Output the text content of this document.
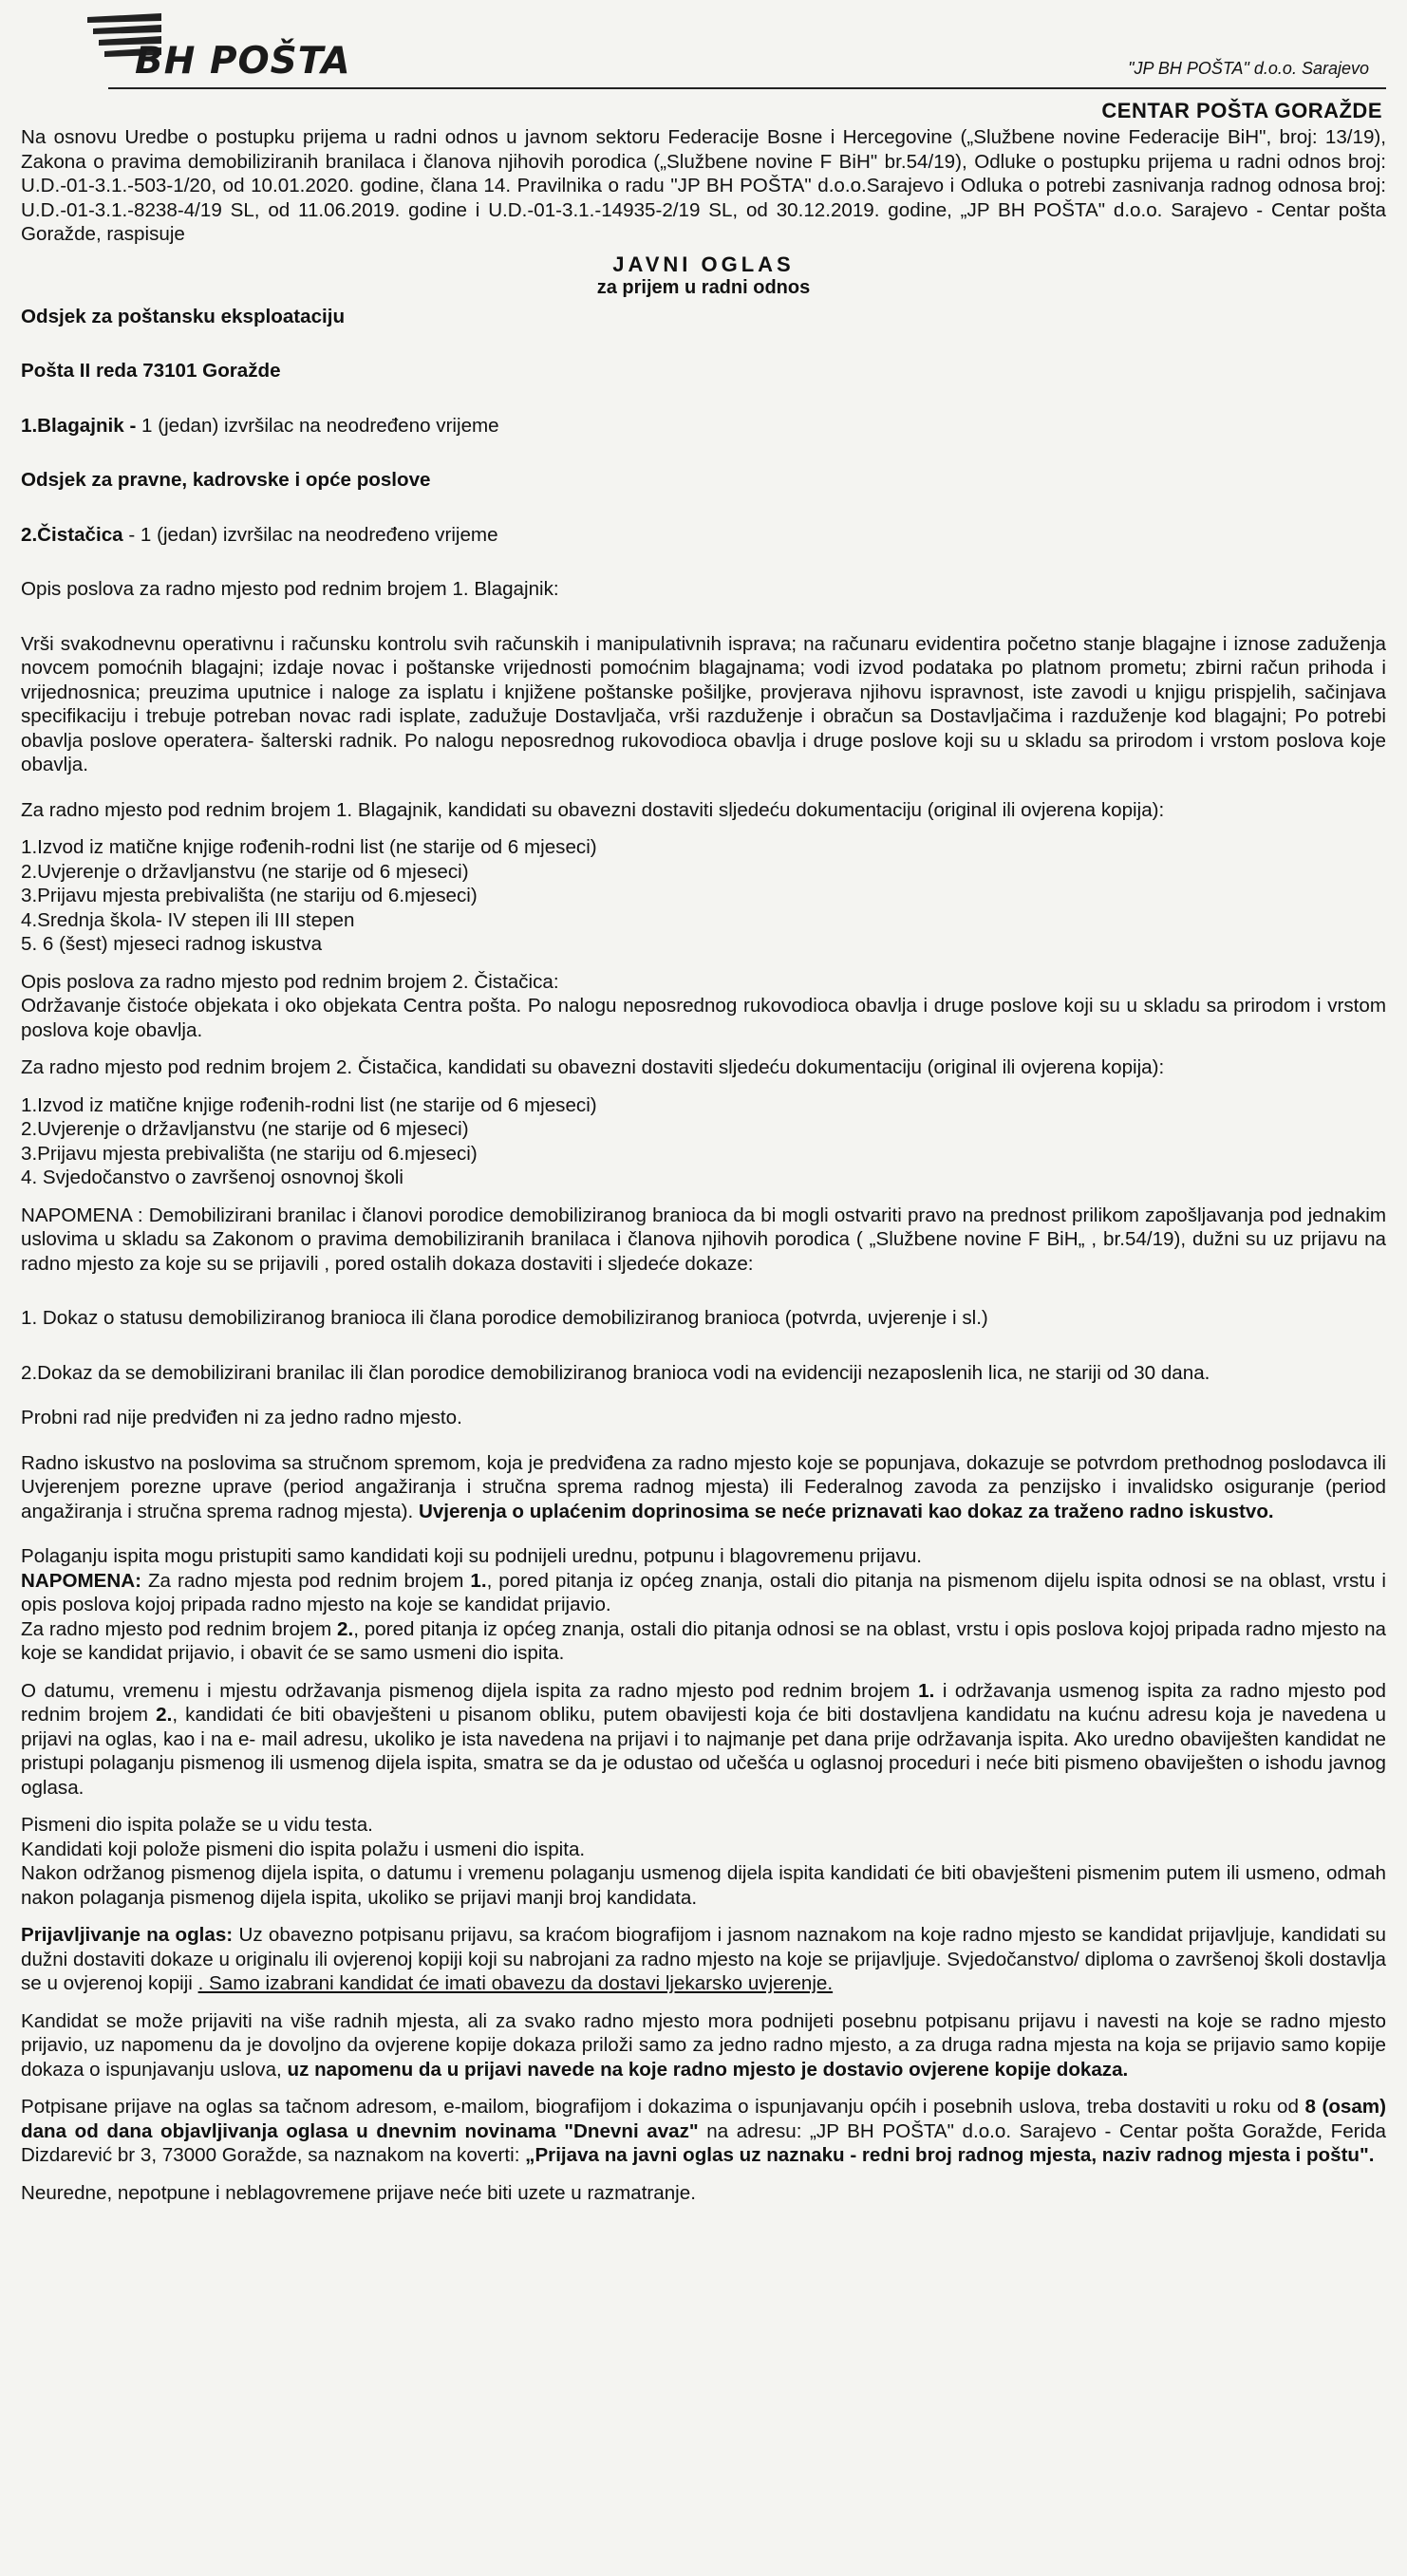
BH POŠTA	"JP BH POŠTA" d.o.o. Sarajevo
CENTAR POŠTA GORAŽDE

Na osnovu Uredbe o postupku prijema u radni odnos u javnom sektoru Federacije Bosne i Hercegovine („Službene novine Federacije BiH", broj: 13/19), Zakona o pravima demobiliziranih branilaca i članova njihovih porodica („Službene novine F BiH" br.54/19), Odluke o postupku prijema u radni odnos broj: U.D.-01-3.1.-503-1/20, od 10.01.2020. godine, člana 14. Pravilnika o radu "JP BH POŠTA" d.o.o.Sarajevo i Odluka o potrebi zasnivanja radnog odnosa broj: U.D.-01-3.1.-8238-4/19 SL, od 11.06.2019. godine i U.D.-01-3.1.-14935-2/19 SL, od 30.12.2019. godine, „JP BH POŠTA" d.o.o. Sarajevo - Centar pošta Goražde, raspisuje

JAVNI OGLAS
za prijem u radni odnos

Odsjek za poštansku eksploataciju

Pošta II reda 73101 Goražde

1.Blagajnik - 1 (jedan) izvršilac na neodređeno vrijeme

Odsjek za pravne, kadrovske i opće poslove

2.Čistačica - 1 (jedan) izvršilac na neodređeno vrijeme

Opis poslova za radno mjesto pod rednim brojem 1. Blagajnik:

Vrši svakodnevnu operativnu i računsku kontrolu svih računskih i manipulativnih isprava; na računaru evidentira početno stanje blagajne i iznose zaduženja novcem pomoćnih blagajni; izdaje novac i poštanske vrijednosti pomoćnim blagajnama; vodi izvod podataka po platnom prometu; zbirni račun prihoda i vrijednosnica; preuzima uputnice i naloge za isplatu i knjižene poštanske pošiljke, provjerava njihovu ispravnost, iste zavodi u knjigu prispjelih, sačinjava specifikaciju i trebuje potreban novac radi isplate, zadužuje Dostavljača, vrši razduženje i obračun sa Dostavljačima i razduženje kod blagajni; Po potrebi obavlja poslove operatera- šalterski radnik. Po nalogu neposrednog rukovodioca obavlja i druge poslove koji su u skladu sa prirodom i vrstom poslova koje obavlja.

Za radno mjesto pod rednim brojem 1. Blagajnik, kandidati su obavezni dostaviti sljedeću dokumentaciju (original ili ovjerena kopija):

1.Izvod iz matične knjige rođenih-rodni list (ne starije od 6 mjeseci)

2.Uvjerenje o državljanstvu (ne starije od 6 mjeseci)

3.Prijavu mjesta prebivališta (ne stariju od 6.mjeseci)

4.Srednja škola- IV stepen ili III stepen

5. 6 (šest) mjeseci radnog iskustva

Opis poslova za radno mjesto pod rednim brojem 2. Čistačica:

Održavanje čistoće objekata i oko objekata Centra pošta. Po nalogu neposrednog rukovodioca obavlja i druge poslove koji su u skladu sa prirodom i vrstom poslova koje obavlja.

Za radno mjesto pod rednim brojem 2. Čistačica, kandidati su obavezni dostaviti sljedeću dokumentaciju (original ili ovjerena kopija):

1.Izvod iz matične knjige rođenih-rodni list (ne starije od 6 mjeseci)

2.Uvjerenje o državljanstvu (ne starije od 6 mjeseci)

3.Prijavu mjesta prebivališta (ne stariju od 6.mjeseci)

4. Svjedočanstvo o završenoj osnovnoj školi

NAPOMENA : Demobilizirani branilac i članovi porodice demobiliziranog branioca da bi mogli ostvariti pravo na prednost prilikom zapošljavanja pod jednakim uslovima u skladu sa Zakonom o pravima demobiliziranih branilaca i članova njihovih porodica ( „Službene novine F BiH„ , br.54/19), dužni su uz prijavu na radno mjesto za koje su se prijavili , pored ostalih dokaza dostaviti i sljedeće dokaze:

1. Dokaz o statusu demobiliziranog branioca ili člana porodice demobiliziranog branioca (potvrda, uvjerenje i sl.)

2.Dokaz da se demobilizirani branilac ili član porodice demobiliziranog branioca vodi na evidenciji nezaposlenih lica, ne stariji od 30 dana.

Probni rad nije predviđen ni za jedno radno mjesto.

Radno iskustvo na poslovima sa stručnom spremom, koja je predviđena za radno mjesto koje se popunjava, dokazuje se potvrdom prethodnog poslodavca ili Uvjerenjem porezne uprave (period angažiranja i stručna sprema radnog mjesta) ili Federalnog zavoda za penzijsko i invalidsko osiguranje (period angažiranja i stručna sprema radnog mjesta). Uvjerenja o uplaćenim doprinosima se neće priznavati kao dokaz za traženo radno iskustvo.

Polaganju ispita mogu pristupiti samo kandidati koji su podnijeli urednu, potpunu i blagovremenu prijavu.

NAPOMENA: Za radno mjesta pod rednim brojem 1., pored pitanja iz općeg znanja, ostali dio pitanja na pismenom dijelu ispita odnosi se na oblast, vrstu i opis poslova kojoj pripada radno mjesto na koje se kandidat prijavio.

Za radno mjesto pod rednim brojem 2., pored pitanja iz općeg znanja, ostali dio pitanja odnosi se na oblast, vrstu i opis poslova kojoj pripada radno mjesto na koje se kandidat prijavio, i obavit će se samo usmeni dio ispita.

O datumu, vremenu i mjestu održavanja pismenog dijela ispita za radno mjesto pod rednim brojem 1. i održavanja usmenog ispita za radno mjesto pod rednim brojem 2., kandidati će biti obavješteni u pisanom obliku, putem obavijesti koja će biti dostavljena kandidatu na kućnu adresu koja je navedena u prijavi na oglas, kao i na e- mail adresu, ukoliko je ista navedena na prijavi i to najmanje pet dana prije održavanja ispita. Ako uredno obaviješten kandidat ne pristupi polaganju pismenog ili usmenog dijela ispita, smatra se da je odustao od učešća u oglasnoj proceduri i neće biti pismeno obaviješten o ishodu javnog oglasa.

Pismeni dio ispita polaže se u vidu testa.

Kandidati koji polože pismeni dio ispita polažu i usmeni dio ispita.

Nakon održanog pismenog dijela ispita, o datumu i vremenu polaganju usmenog dijela ispita kandidati će biti obavješteni pismenim putem ili usmeno, odmah nakon polaganja pismenog dijela ispita, ukoliko se prijavi manji broj kandidata.

Prijavljivanje na oglas: Uz obavezno potpisanu prijavu, sa kraćom biografijom i jasnom naznakom na koje radno mjesto se kandidat prijavljuje, kandidati su dužni dostaviti dokaze u originalu ili ovjerenoj kopiji koji su nabrojani za radno mjesto na koje se prijavljuje. Svjedočanstvo/ diploma o završenoj školi dostavlja se u ovjerenoj kopiji . Samo izabrani kandidat će imati obavezu da dostavi ljekarsko uvjerenje.

Kandidat se može prijaviti na više radnih mjesta, ali za svako radno mjesto mora podnijeti posebnu potpisanu prijavu i navesti na koje se radno mjesto prijavio, uz napomenu da je dovoljno da ovjerene kopije dokaza priloži samo za jedno radno mjesto, a za druga radna mjesta na koja se prijavio samo kopije dokaza o ispunjavanju uslova, uz napomenu da u prijavi navede na koje radno mjesto je dostavio ovjerene kopije dokaza.

Potpisane prijave na oglas sa tačnom adresom, e-mailom, biografijom i dokazima o ispunjavanju općih i posebnih uslova, treba dostaviti u roku od 8 (osam) dana od dana objavljivanja oglasa u dnevnim novinama "Dnevni avaz" na adresu: „JP BH POŠTA" d.o.o. Sarajevo - Centar pošta Goražde, Ferida Dizdarević br 3, 73000 Goražde, sa naznakom na koverti: „Prijava na javni oglas uz naznaku - redni broj radnog mjesta, naziv radnog mjesta i poštu".

Neuredne, nepotpune i neblagovremene prijave neće biti uzete u razmatranje.
